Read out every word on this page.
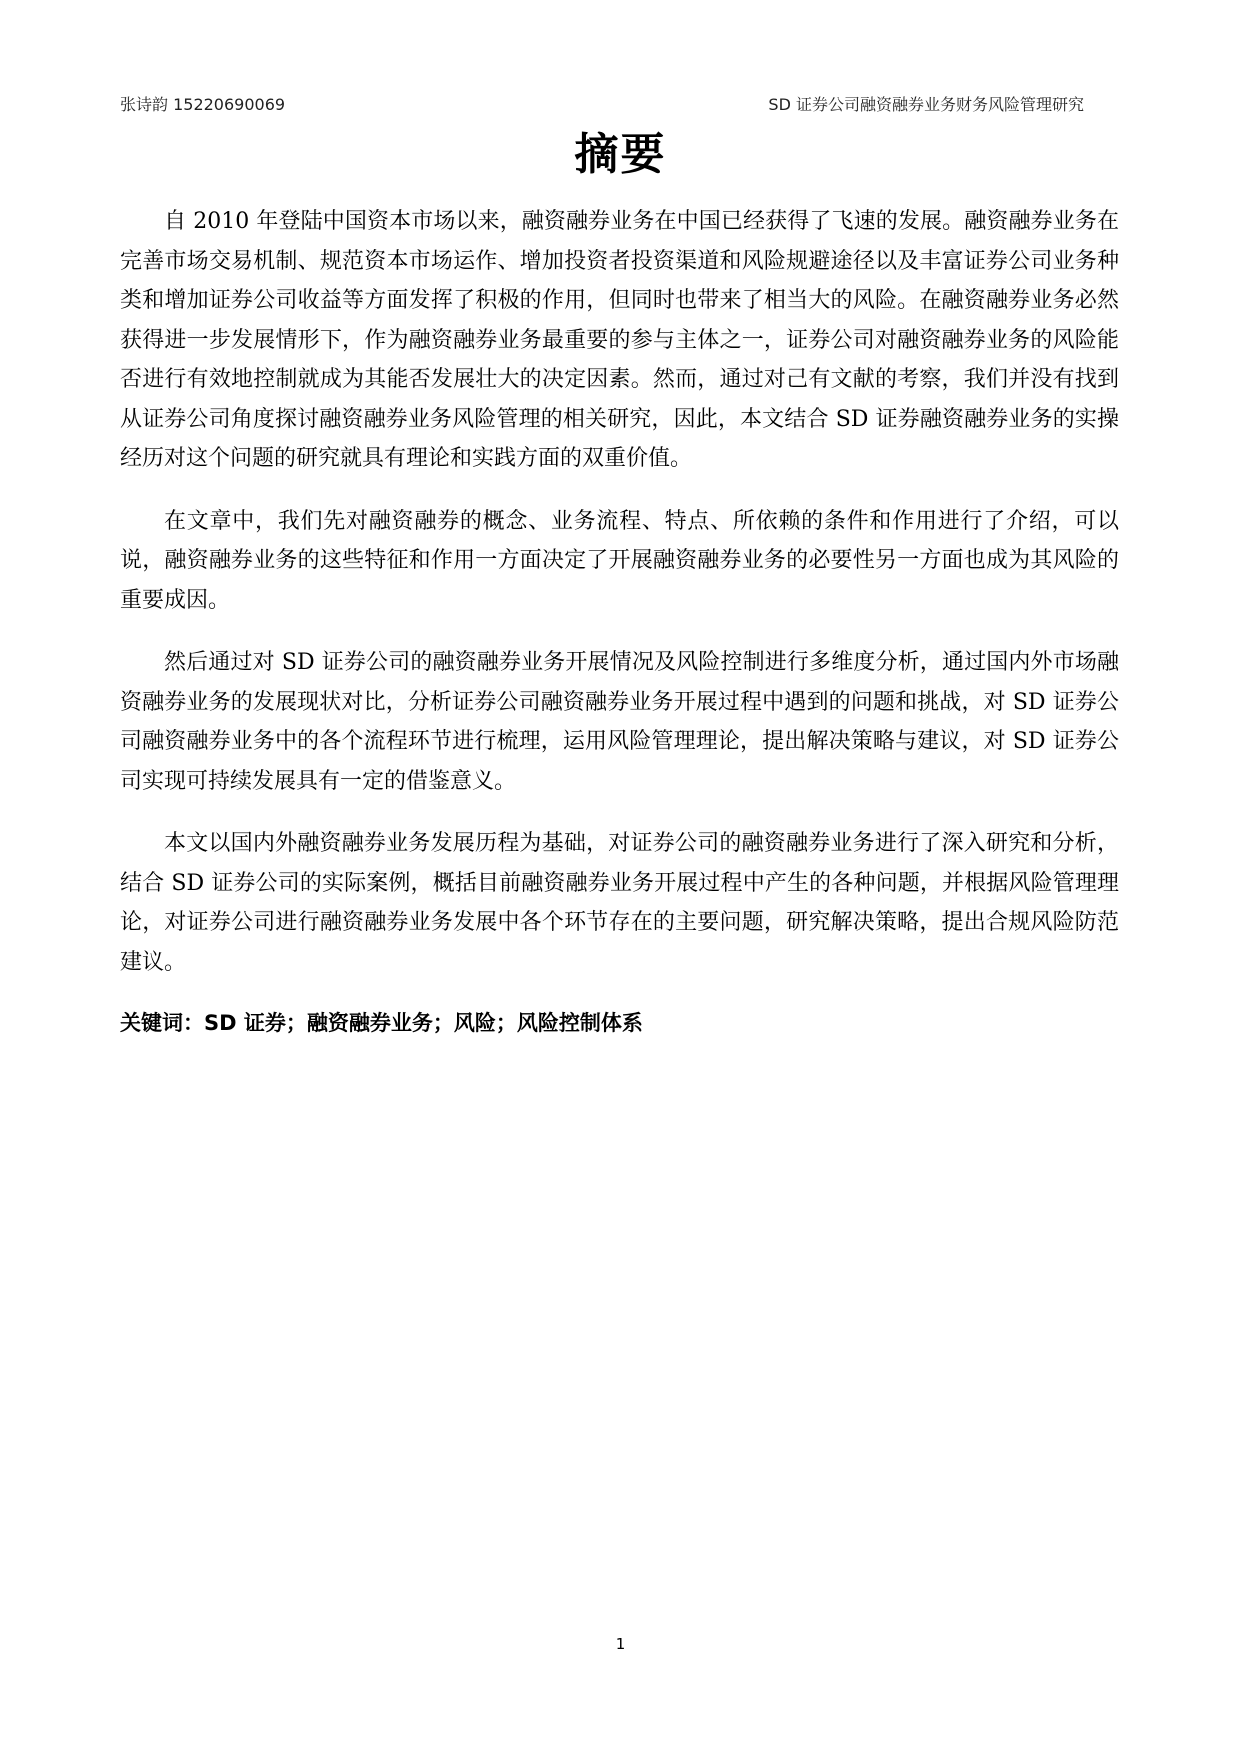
张诗韵 15220690069	SD 证券公司融资融券业务财务风险管理研究
摘要

自 2010 年登陆中国资本市场以来，融资融券业务在中国已经获得了飞速的发展。融资融券业务在完善市场交易机制、规范资本市场运作、增加投资者投资渠道和风险规避途径以及丰富证券公司业务种类和增加证券公司收益等方面发挥了积极的作用，但同时也带来了相当大的风险。在融资融券业务必然获得进一步发展情形下，作为融资融券业务最重要的参与主体之一，证券公司对融资融券业务的风险能否进行有效地控制就成为其能否发展壮大的决定因素。然而，通过对己有文献的考察，我们并没有找到从证券公司角度探讨融资融券业务风险管理的相关研究，因此，本文结合 SD 证券融资融券业务的实操经历对这个问题的研究就具有理论和实践方面的双重价值。

在文章中，我们先对融资融券的概念、业务流程、特点、所依赖的条件和作用进行了介绍，可以说，融资融券业务的这些特征和作用一方面决定了开展融资融券业务的必要性另一方面也成为其风险的重要成因。

然后通过对 SD 证券公司的融资融券业务开展情况及风险控制进行多维度分析，通过国内外市场融资融券业务的发展现状对比，分析证券公司融资融券业务开展过程中遇到的问题和挑战，对 SD 证券公司融资融券业务中的各个流程环节进行梳理，运用风险管理理论，提出解决策略与建议，对 SD 证券公司实现可持续发展具有一定的借鉴意义。

本文以国内外融资融券业务发展历程为基础，对证券公司的融资融券业务进行了深入研究和分析，结合 SD 证券公司的实际案例，概括目前融资融券业务开展过程中产生的各种问题，并根据风险管理理论，对证券公司进行融资融券业务发展中各个环节存在的主要问题，研究解决策略，提出合规风险防范建议。

关键词：SD 证券；融资融券业务；风险；风险控制体系

1
